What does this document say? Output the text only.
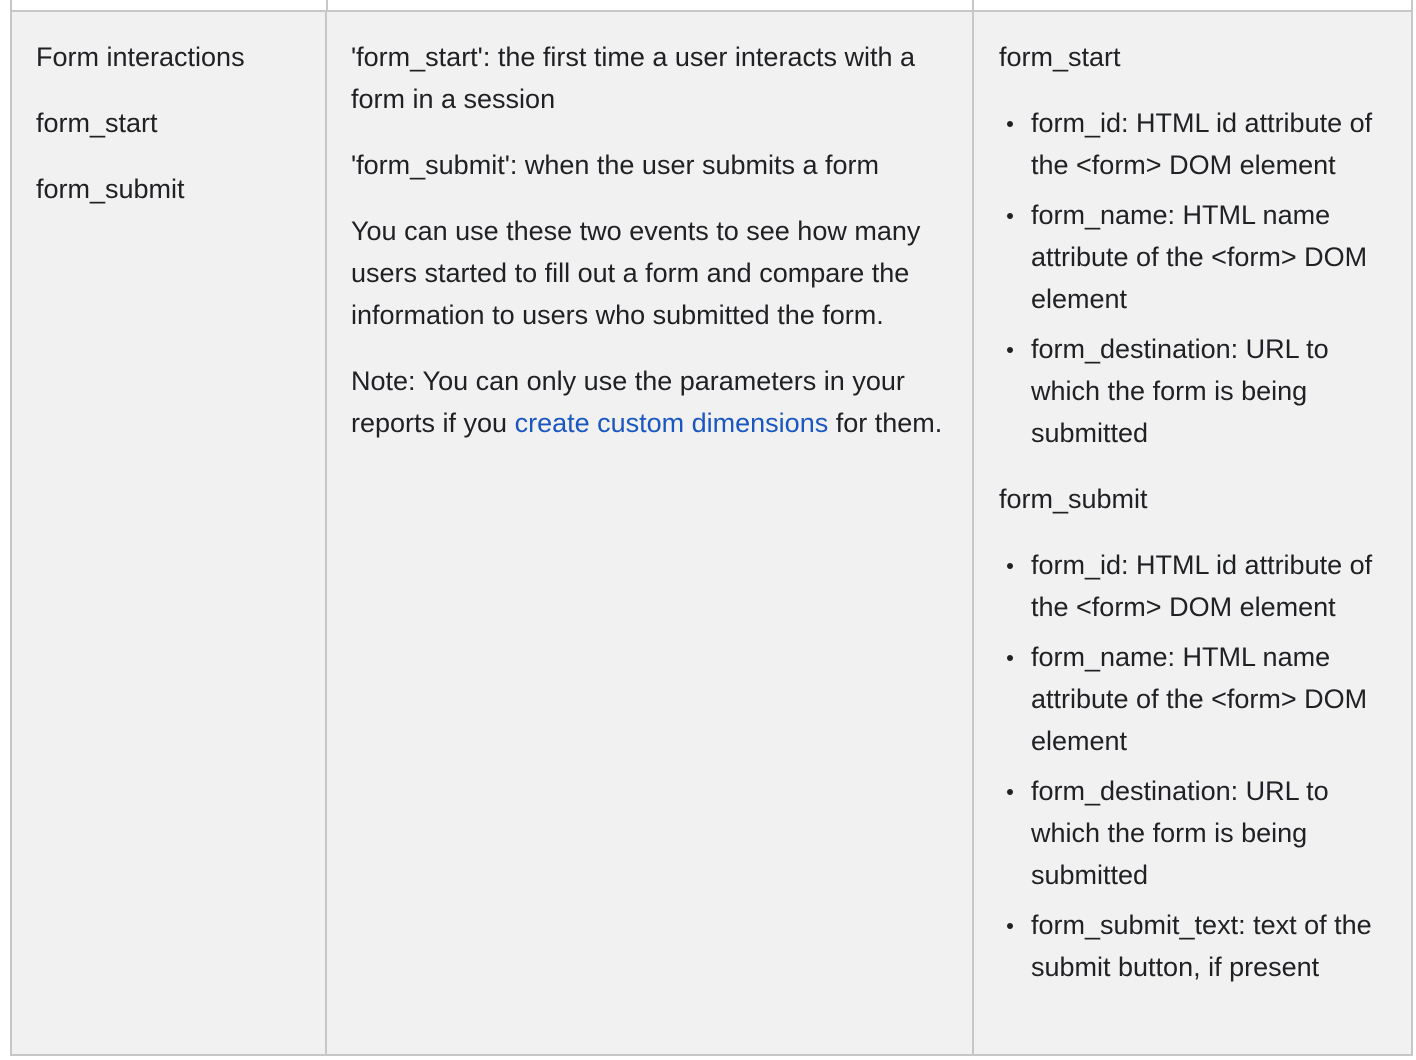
Form interactions

form_start

form_submit

'form_start': the first time a user interacts with a form in a session

'form_submit': when the user submits a form

You can use these two events to see how many users started to fill out a form and compare the information to users who submitted the form.

Note: You can only use the parameters in your reports if you create custom dimensions for them.

form_start

form_id: HTML id attribute of the <form> DOM element
form_name: HTML name attribute of the <form> DOM element
form_destination: URL to which the form is being submitted

form_submit

form_id: HTML id attribute of the <form> DOM element
form_name: HTML name attribute of the <form> DOM element
form_destination: URL to which the form is being submitted
form_submit_text: text of the submit button, if present
